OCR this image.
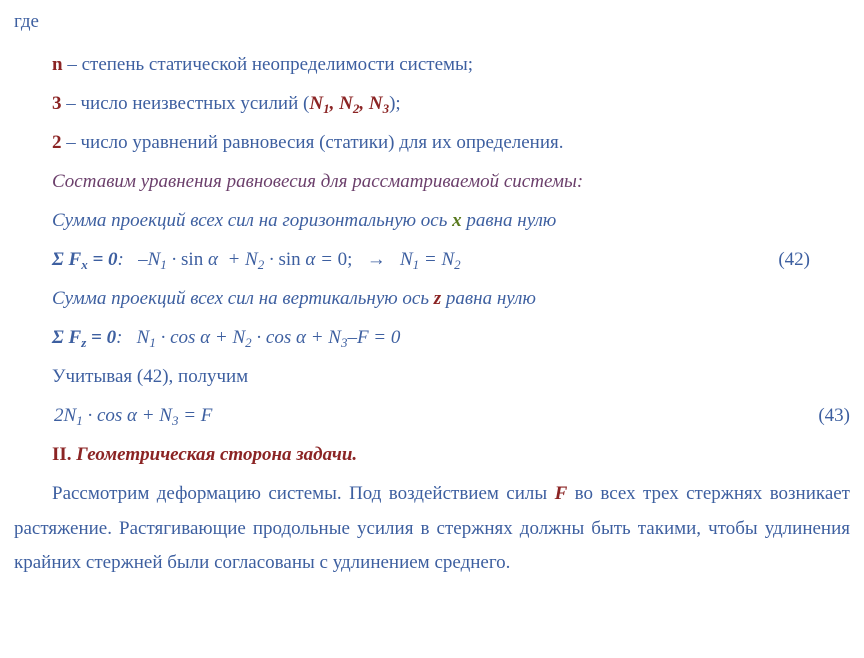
где
n – степень статической неопределимости системы;
3 – число неизвестных усилий ($N_1$, $N_2$, $N_3$);
2 – число уравнений равновесия (статики) для их определения.
Составим уравнения равновесия для рассматриваемой системы:
Сумма проекций всех сил на горизонтальную ось x равна нулю
Σ $F_x = 0$: $-N_1 \cdot \sin \alpha + N_2 \cdot \sin \alpha = 0$; →   $N_1 = N_2$	(42)
Сумма проекций всех сил на вертикальную ось z равна нулю
Σ $F_z = 0$: $N_1 \cdot \cos \alpha + N_2 \cdot \cos \alpha + N_3-F = 0$
Учитывая (42), получим
$2N_1 \cdot \cos \alpha + N_3 = F$	(43)
II. Геометрическая сторона задачи.
Рассмотрим деформацию системы. Под воздействием силы F во всех трех стержнях возникает растяжение. Растягивающие продольные усилия в стержнях должны быть такими, чтобы удлинения крайних стержней были согласованы с удлинением среднего.
